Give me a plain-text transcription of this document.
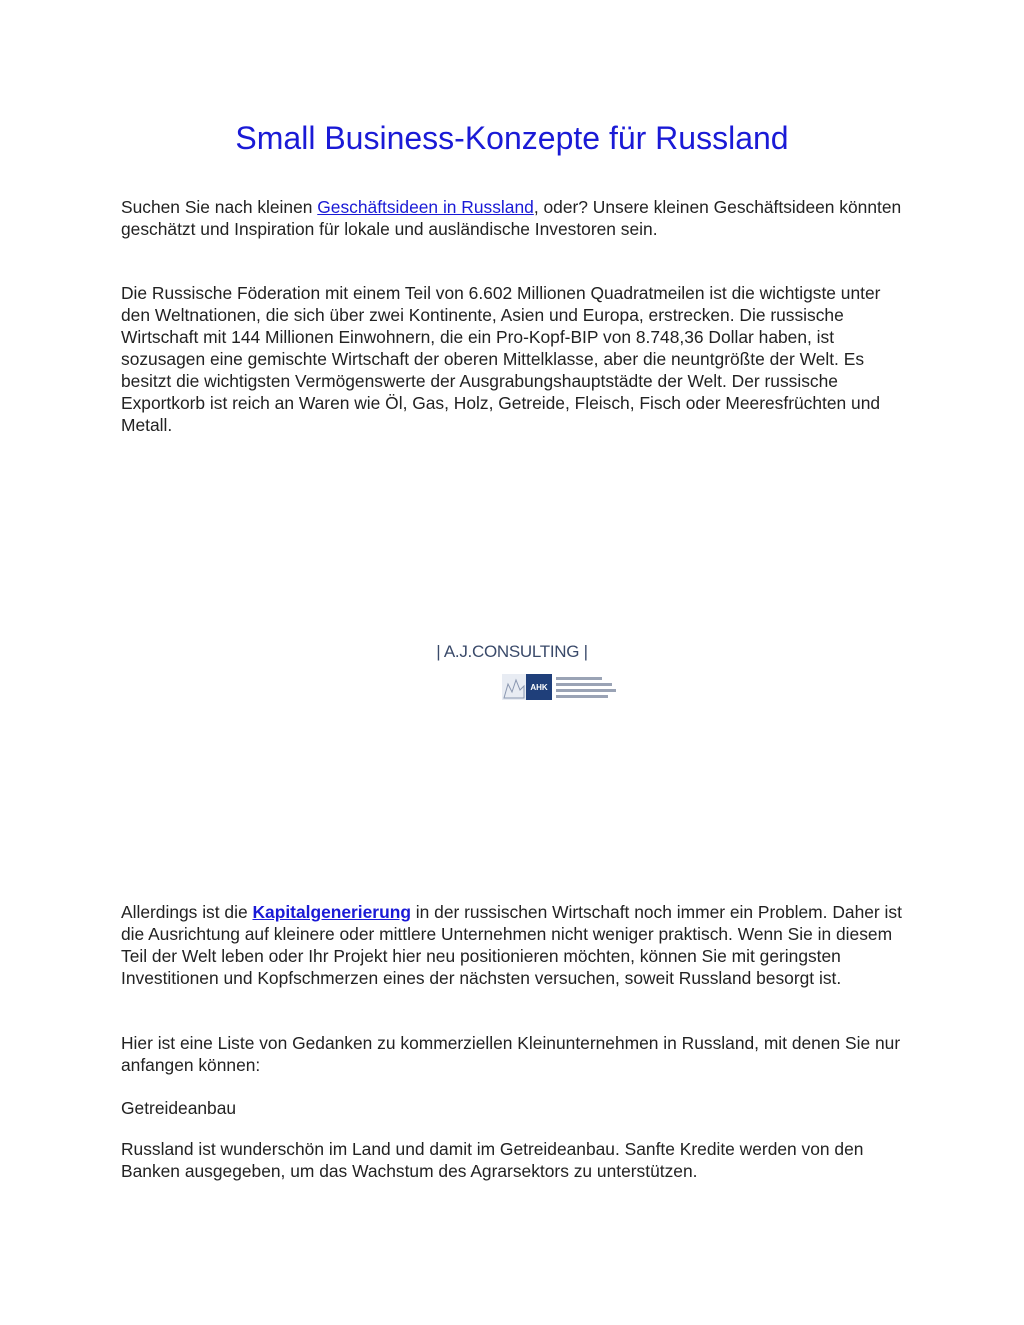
Small Business-Konzepte für Russland

Suchen Sie nach kleinen Geschäftsideen in Russland, oder? Unsere kleinen Geschäftsideen könnten geschätzt und Inspiration für lokale und ausländische Investoren sein.

Die Russische Föderation mit einem Teil von 6.602 Millionen Quadratmeilen ist die wichtigste unter den Weltnationen, die sich über zwei Kontinente, Asien und Europa, erstrecken. Die russische Wirtschaft mit 144 Millionen Einwohnern, die ein Pro-Kopf-BIP von 8.748,36 Dollar haben, ist sozusagen eine gemischte Wirtschaft der oberen Mittelklasse, aber die neuntgrößte der Welt. Es besitzt die wichtigsten Vermögenswerte der Ausgrabungshauptstädte der Welt. Der russische Exportkorb ist reich an Waren wie Öl, Gas, Holz, Getreide, Fleisch, Fisch oder Meeresfrüchten und Metall.

| A.J.CONSULTING |
AHK

Allerdings ist die Kapitalgenerierung in der russischen Wirtschaft noch immer ein Problem. Daher ist die Ausrichtung auf kleinere oder mittlere Unternehmen nicht weniger praktisch. Wenn Sie in diesem Teil der Welt leben oder Ihr Projekt hier neu positionieren möchten, können Sie mit geringsten Investitionen und Kopfschmerzen eines der nächsten versuchen, soweit Russland besorgt ist.

Hier ist eine Liste von Gedanken zu kommerziellen Kleinunternehmen in Russland, mit denen Sie nur anfangen können:

Getreideanbau

Russland ist wunderschön im Land und damit im Getreideanbau. Sanfte Kredite werden von den Banken ausgegeben, um das Wachstum des Agrarsektors zu unterstützen.
